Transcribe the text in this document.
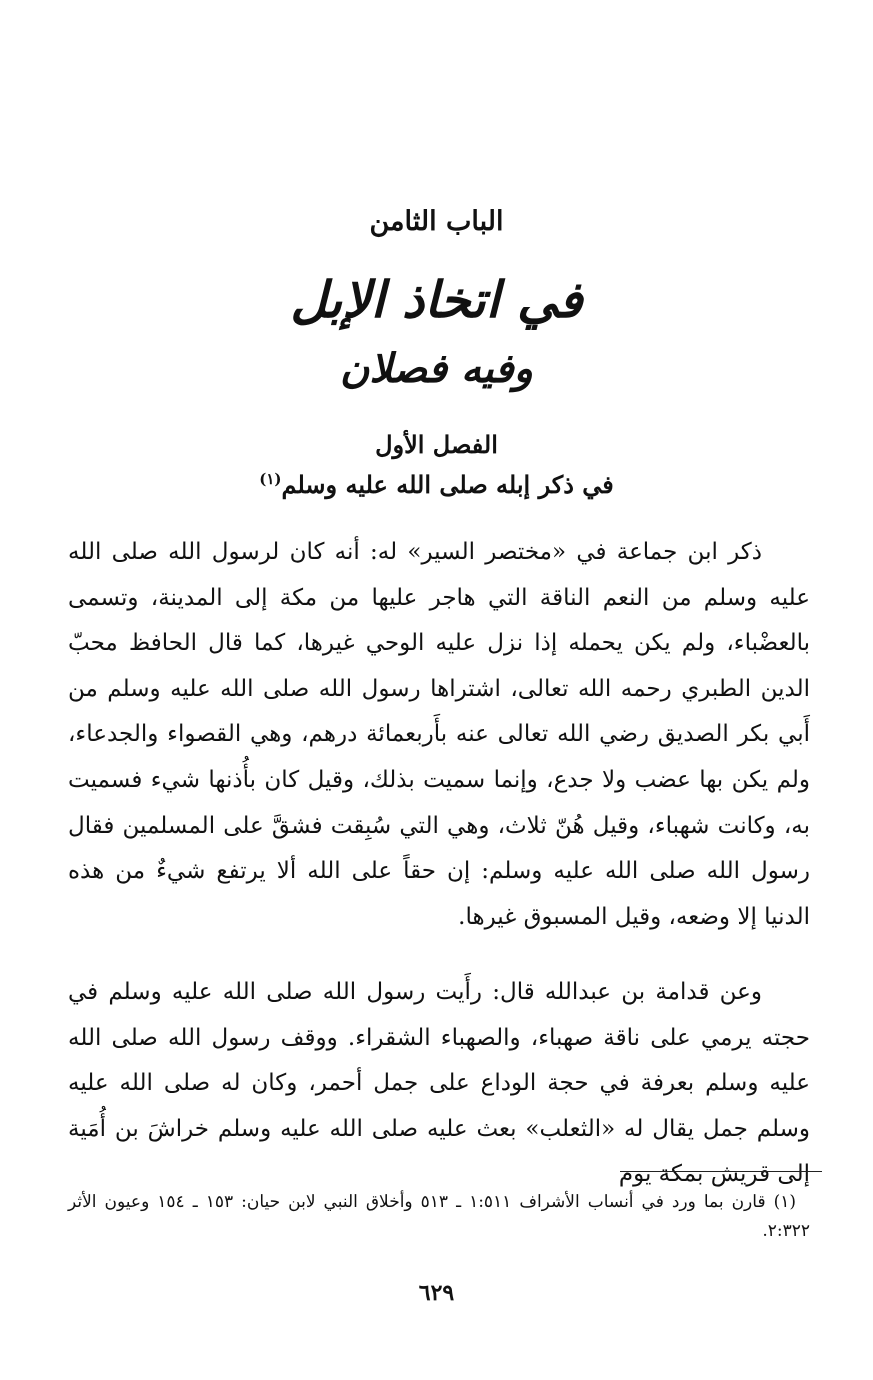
الباب الثامن
في اتخاذ الإبل
وفيه فصلان
الفصل الأول
في ذكر إبله صلى الله عليه وسلم$^{(١)}$

ذكر ابن جماعة في «مختصر السير» له: أنه كان لرسول الله صلى الله عليه وسلم من النعم الناقة التي هاجر عليها من مكة إلى المدينة، وتسمى بالعضْباء، ولم يكن يحمله إذا نزل عليه الوحي غيرها، كما قال الحافظ محبّ الدين الطبري رحمه الله تعالى، اشتراها رسول الله صلى الله عليه وسلم من أَبي بكر الصديق رضي الله تعالى عنه بأَربعمائة درهم، وهي القصواء والجدعاء، ولم يكن بها عضب ولا جدع، وإنما سميت بذلك، وقيل كان بأُذنها شيء فسميت به، وكانت شهباء، وقيل هُنّ ثلاث، وهي التي سُبِقت فشقَّ على المسلمين فقال رسول الله صلى الله عليه وسلم: إن حقاً على الله ألا يرتفع شيءٌ من هذه الدنيا إلا وضعه، وقيل المسبوق غيرها.

وعن قدامة بن عبدالله قال: رأَيت رسول الله صلى الله عليه وسلم في حجته يرمي على ناقة صهباء، والصهباء الشقراء. ووقف رسول الله صلى الله عليه وسلم بعرفة في حجة الوداع على جمل أحمر، وكان له صلى الله عليه وسلم جمل يقال له «الثعلب» بعث عليه صلى الله عليه وسلم خراشَ بن أُمَية إلى قريش بمكة يوم

(١) قارن بما ورد في أنساب الأشراف ١:٥١١ ـ ٥١٣ وأخلاق النبي لابن حيان: ١٥٣ ـ ١٥٤ وعيون الأثر ٢:٣٢٢.

٦٢٩
